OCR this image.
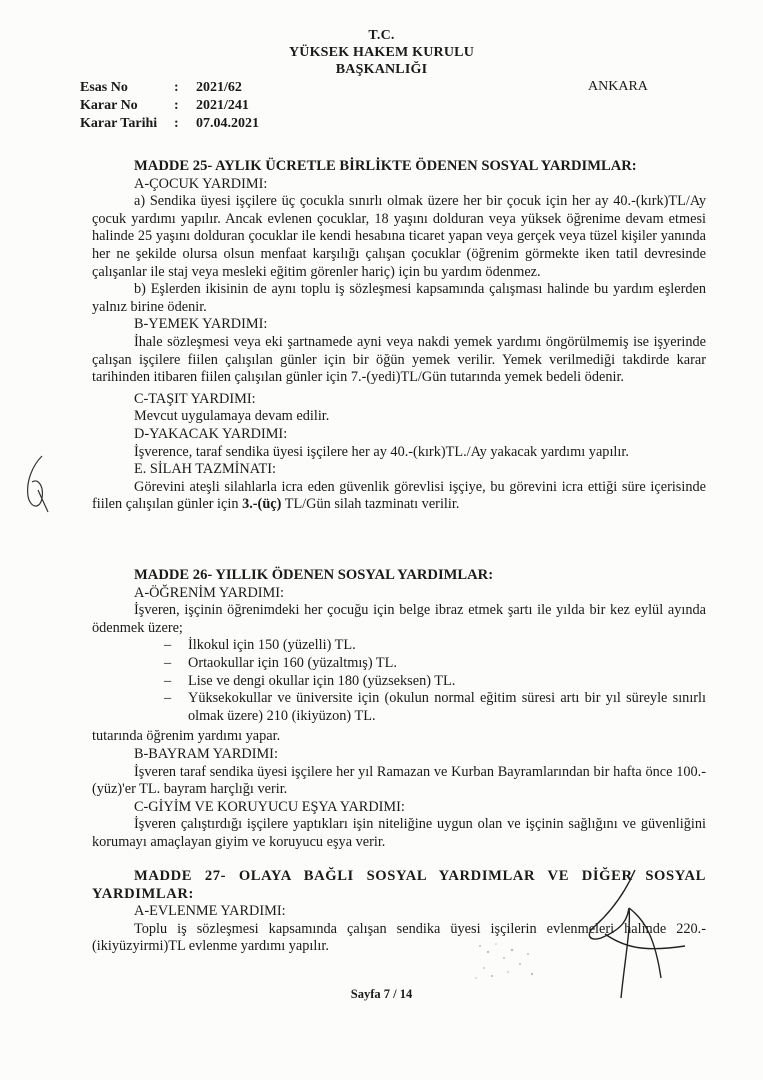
T.C.
YÜKSEK HAKEM KURULU
BAŞKANLIĞI
ANKARA
Esas No	:	2021/62
Karar No	:	2021/241
Karar Tarihi	:	07.04.2021

MADDE 25- AYLIK ÜCRETLE BİRLİKTE ÖDENEN SOSYAL YARDIMLAR:

A-ÇOCUK YARDIMI:

a) Sendika üyesi işçilere üç çocukla sınırlı olmak üzere her bir çocuk için her ay 40.-(kırk)TL/Ay çocuk yardımı yapılır. Ancak evlenen çocuklar, 18 yaşını dolduran veya yüksek öğrenime devam etmesi halinde 25 yaşını dolduran çocuklar ile kendi hesabına ticaret yapan veya gerçek veya tüzel kişiler yanında her ne şekilde olursa olsun menfaat karşılığı çalışan çocuklar (öğrenim görmekte iken tatil devresinde çalışanlar ile staj veya mesleki eğitim görenler hariç) için bu yardım ödenmez.

b) Eşlerden ikisinin de aynı toplu iş sözleşmesi kapsamında çalışması halinde bu yardım eşlerden yalnız birine ödenir.

B-YEMEK YARDIMI:

İhale sözleşmesi veya eki şartnamede ayni veya nakdi yemek yardımı öngörülmemiş ise işyerinde çalışan işçilere fiilen çalışılan günler için bir öğün yemek verilir. Yemek verilmediği takdirde karar tarihinden itibaren fiilen çalışılan günler için 7.-(yedi)TL/Gün tutarında yemek bedeli ödenir.

C-TAŞIT YARDIMI:

Mevcut uygulamaya devam edilir.

D-YAKACAK YARDIMI:

İşverence, taraf sendika üyesi işçilere her ay 40.-(kırk)TL./Ay yakacak yardımı yapılır.

E. SİLAH TAZMİNATI:

Görevini ateşli silahlarla icra eden güvenlik görevlisi işçiye, bu görevini icra ettiği süre içerisinde fiilen çalışılan günler için 3.-(üç) TL/Gün silah tazminatı verilir.

MADDE 26- YILLIK ÖDENEN SOSYAL YARDIMLAR:

A-ÖĞRENİM YARDIMI:

İşveren, işçinin öğrenimdeki her çocuğu için belge ibraz etmek şartı ile yılda bir kez eylül ayında ödenmek üzere;

– İlkokul için 150 (yüzelli) TL.
– Ortaokullar için 160 (yüzaltmış) TL.
– Lise ve dengi okullar için 180 (yüzseksen) TL.
– Yüksekokullar ve üniversite için (okulun normal eğitim süresi artı bir yıl süreyle sınırlı olmak üzere) 210 (ikiyüzon) TL.

tutarında öğrenim yardımı yapar.

B-BAYRAM YARDIMI:

İşveren taraf sendika üyesi işçilere her yıl Ramazan ve Kurban Bayramlarından bir hafta önce 100.-(yüz)'er TL. bayram harçlığı verir.

C-GİYİM VE KORUYUCU EŞYA YARDIMI:

İşveren çalıştırdığı işçilere yaptıkları işin niteliğine uygun olan ve işçinin sağlığını ve güvenliğini korumayı amaçlayan giyim ve koruyucu eşya verir.

MADDE 27- OLAYA BAĞLI SOSYAL YARDIMLAR VE DİĞER SOSYAL YARDIMLAR:

A-EVLENME YARDIMI:

Toplu iş sözleşmesi kapsamında çalışan sendika üyesi işçilerin evlenmeleri halinde 220.-(ikiyüzyirmi)TL evlenme yardımı yapılır.

Sayfa 7 / 14
